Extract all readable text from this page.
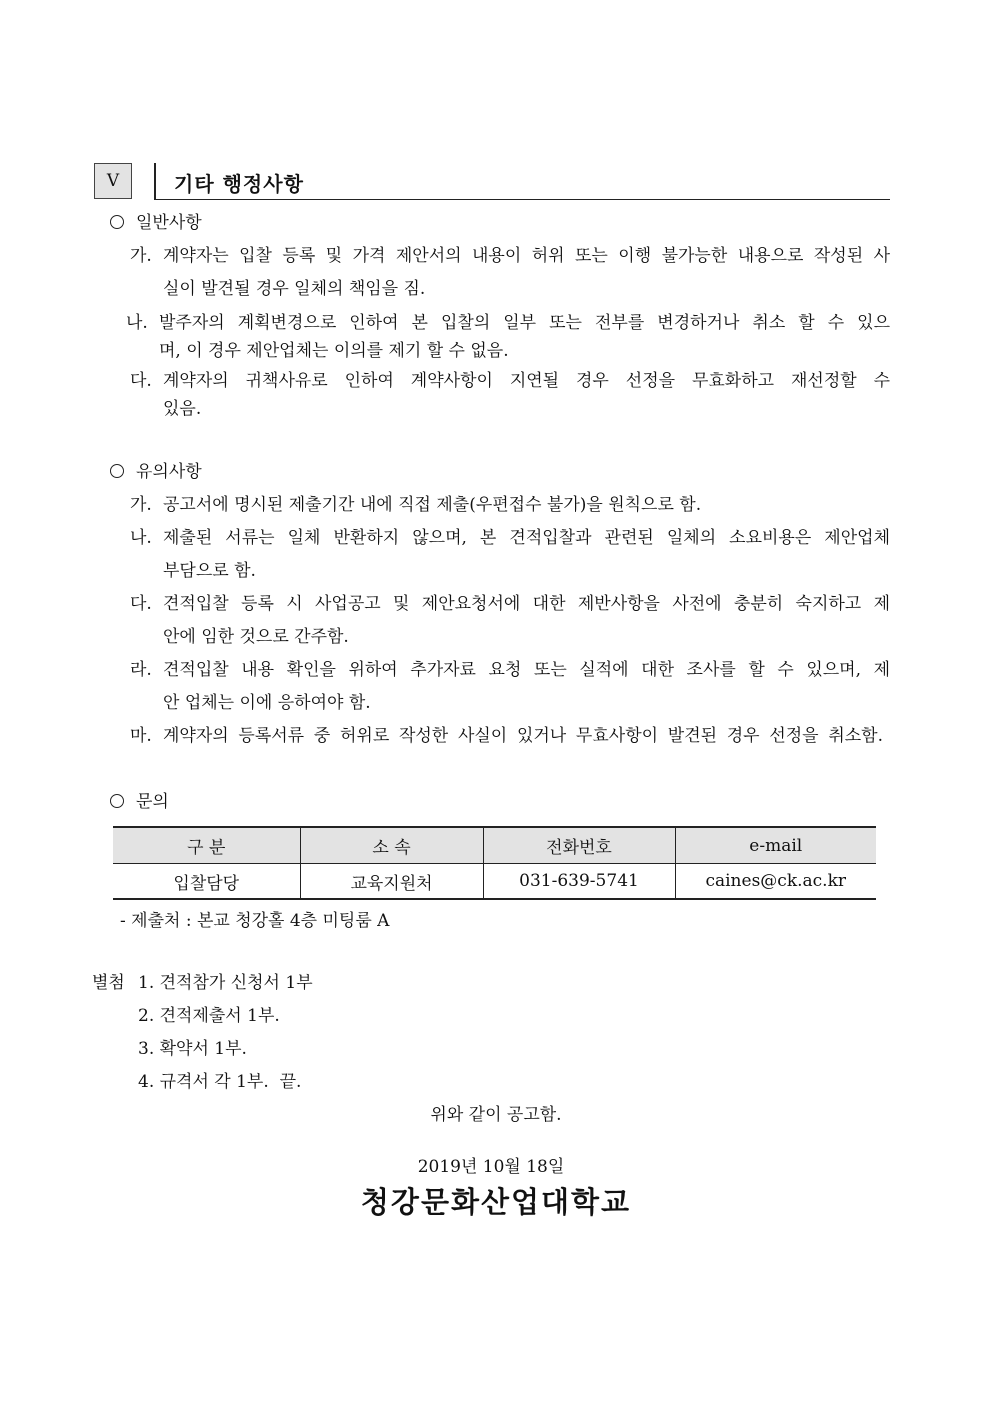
Ⅴ	기타 행정사항
일반사항
가. 계약자는 입찰 등록 및 가격 제안서의 내용이 허위 또는 이행 불가능한 내용으로 작성된 사
실이 발견될 경우 일체의 책임을 짐.
나. 발주자의 계획변경으로 인하여 본 입찰의 일부 또는 전부를 변경하거나 취소 할 수 있으
며, 이 경우 제안업체는 이의를 제기 할 수 없음.
다. 계약자의 귀책사유로 인하여 계약사항이 지연될 경우 선정을 무효화하고 재선정할 수
있음.
유의사항
가. 공고서에 명시된 제출기간 내에 직접 제출(우편접수 불가)을 원칙으로 함.
나. 제출된 서류는 일체 반환하지 않으며, 본 견적입찰과 관련된 일체의 소요비용은 제안업체
부담으로 함.
다. 견적입찰 등록 시 사업공고 및 제안요청서에 대한 제반사항을 사전에 충분히 숙지하고 제
안에 임한 것으로 간주함.
라. 견적입찰 내용 확인을 위하여 추가자료 요청 또는 실적에 대한 조사를 할 수 있으며, 제
안 업체는 이에 응하여야 함.
마. 계약자의 등록서류 중 허위로 작성한 사실이 있거나 무효사항이 발견된 경우 선정을 취소함.
문의
구 분	소 속	전화번호	e-mail
입찰담당	교육지원처	031-639-5741	caines@ck.ac.kr
- 제출처 : 본교 청강홀 4층 미팅룸 A
별첨 1. 견적참가 신청서 1부
2. 견적제출서 1부.
3. 확약서 1부.
4. 규격서 각 1부.  끝.
위와 같이 공고함.
2019년 10월 18일
청강문화산업대학교
